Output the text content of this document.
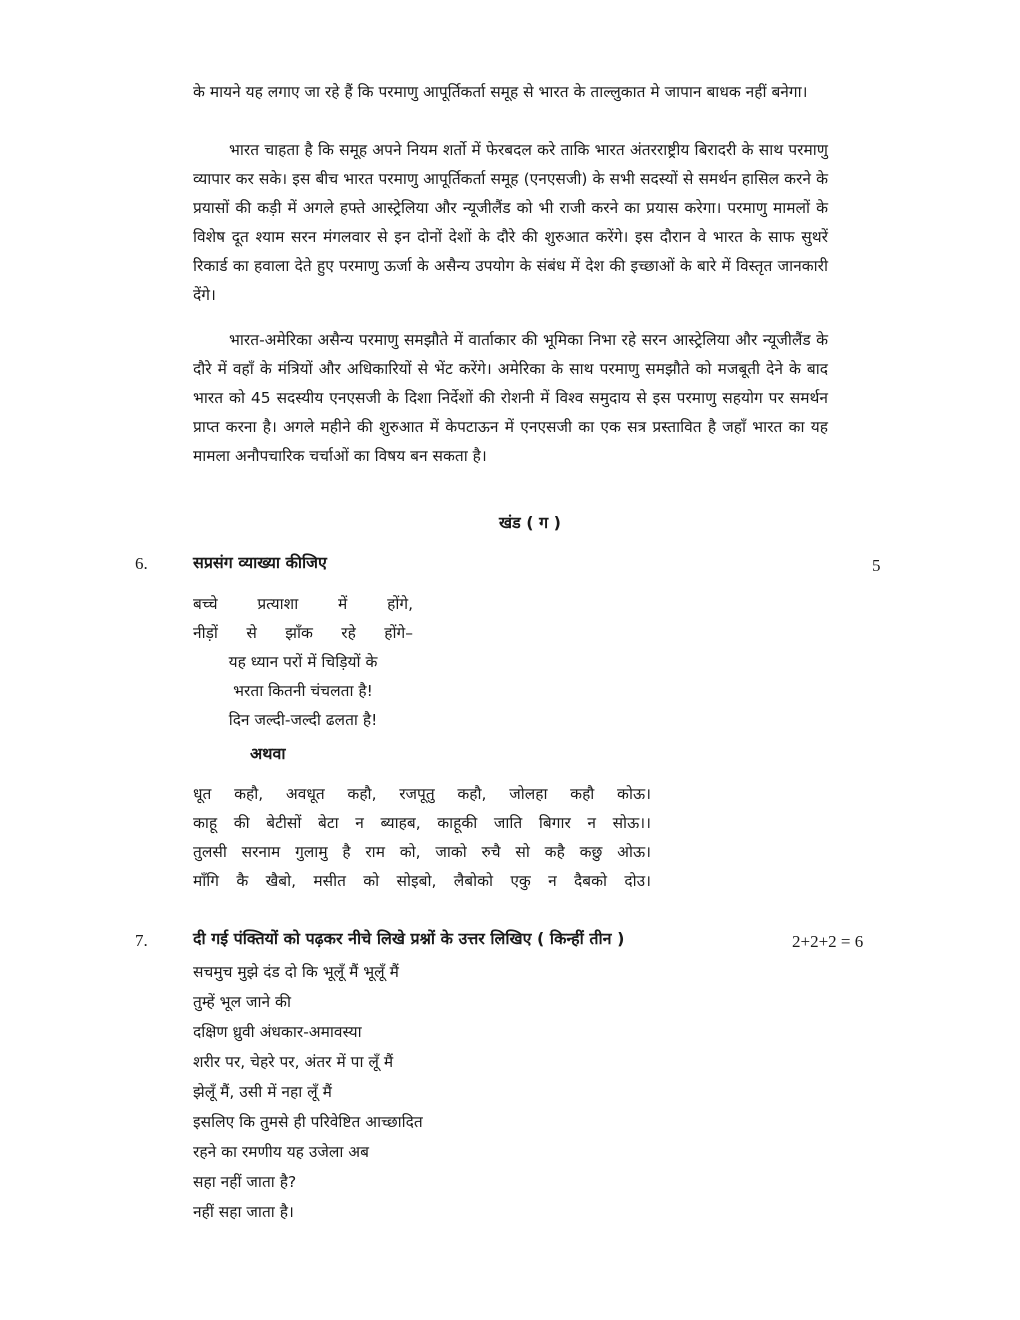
के मायने यह लगाए जा रहे हैं कि परमाणु आपूर्तिकर्ता समूह से भारत के ताल्लुकात मे जापान बाधक नहीं बनेगा।

भारत चाहता है कि समूह अपने नियम शर्तो में फेरबदल करे ताकि भारत अंतरराष्ट्रीय बिरादरी के साथ परमाणु व्यापार कर सके। इस बीच भारत परमाणु आपूर्तिकर्ता समूह (एनएसजी) के सभी सदस्यों से समर्थन हासिल करने के प्रयासों की कड़ी में अगले हफ्ते आस्ट्रेलिया और न्यूजीलैंड को भी राजी करने का प्रयास करेगा। परमाणु मामलों के विशेष दूत श्याम सरन मंगलवार से इन दोनों देशों के दौरे की शुरुआत करेंगे। इस दौरान वे भारत के साफ सुथरें रिकार्ड का हवाला देते हुए परमाणु ऊर्जा के असैन्य उपयोग के संबंध में देश की इच्छाओं के बारे में विस्तृत जानकारी देंगे।

भारत-अमेरिका असैन्य परमाणु समझौते में वार्ताकार की भूमिका निभा रहे सरन आस्ट्रेलिया और न्यूजीलैंड के दौरे में वहाँ के मंत्रियों और अधिकारियों से भेंट करेंगे। अमेरिका के साथ परमाणु समझौते को मजबूती देने के बाद भारत को 45 सदस्यीय एनएसजी के दिशा निर्देशों की रोशनी में विश्व समुदाय से इस परमाणु सहयोग पर समर्थन प्राप्त करना है। अगले महीने की शुरुआत में केपटाऊन में एनएसजी का एक सत्र प्रस्तावित है जहाँ भारत का यह मामला अनौपचारिक चर्चाओं का विषय बन सकता है।

खंड ( ग )
6.	सप्रसंग व्याख्या कीजिए	5
बच्चे प्रत्याशा में होंगे,
नीड़ों से झाँक रहे होंगे–
यह ध्यान परों में चिड़ियों के
भरता कितनी चंचलता है!
दिन जल्दी-जल्दी ढलता है!
अथवा
धूत कहौ, अवधूत कहौ, रजपूतु कहौ, जोलहा कहौ कोऊ।
काहू की बेटीसों बेटा न ब्याहब, काहूकी जाति बिगार न सोऊ।।
तुलसी सरनाम गुलामु है राम को, जाको रुचै सो कहै कछु ओऊ।
माँगि कै खैबो, मसीत को सोइबो, लैबोको एकु न दैबको दोउ।
7.	दी गई पंक्तियों को पढ़कर नीचे लिखे प्रश्नों के उत्तर लिखिए ( किन्हीं तीन )	2+2+2 = 6
सचमुच मुझे दंड दो कि भूलूँ मैं भूलूँ मैं
तुम्हें भूल जाने की
दक्षिण ध्रुवी अंधकार-अमावस्या
शरीर पर, चेहरे पर, अंतर में पा लूँ मैं
झेलूँ मैं, उसी में नहा लूँ मैं
इसलिए कि तुमसे ही परिवेष्टित आच्छादित
रहने का रमणीय यह उजेला अब
सहा नहीं जाता है?
नहीं सहा जाता है।
